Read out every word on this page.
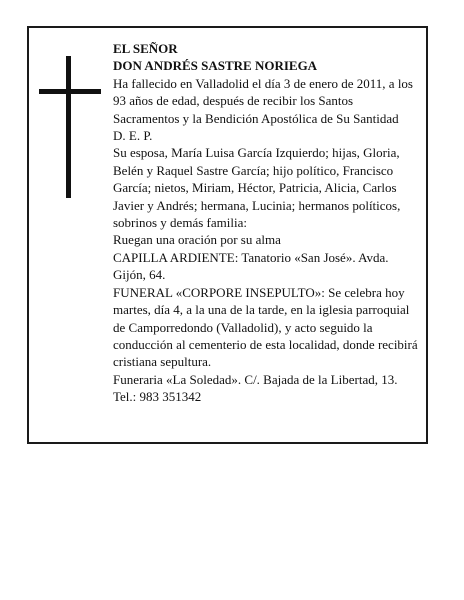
EL SEÑOR

DON ANDRÉS SASTRE NORIEGA

Ha fallecido en Valladolid el día 3 de enero de 2011, a los 93 años de edad, después de recibir los Santos Sacramentos y la Bendición Apostólica de Su Santidad

D. E. P.

Su esposa, María Luisa García Izquierdo; hijas, Gloria, Belén y Raquel Sastre García; hijo político, Francisco García; nietos, Miriam, Héctor, Patricia, Alicia, Carlos Javier y Andrés; hermana, Lucinia; hermanos políticos, sobrinos y demás familia:

Ruegan una oración por su alma

CAPILLA ARDIENTE: Tanatorio «San José». Avda. Gijón, 64.

FUNERAL «CORPORE INSEPULTO»: Se celebra hoy martes, día 4, a la una de la tarde, en la iglesia parroquial de Camporredondo (Valladolid), y acto seguido la conducción al cementerio de esta localidad, donde recibirá cristiana sepultura.

Funeraria «La Soledad». C/. Bajada de la Libertad, 13. Tel.: 983 351342
